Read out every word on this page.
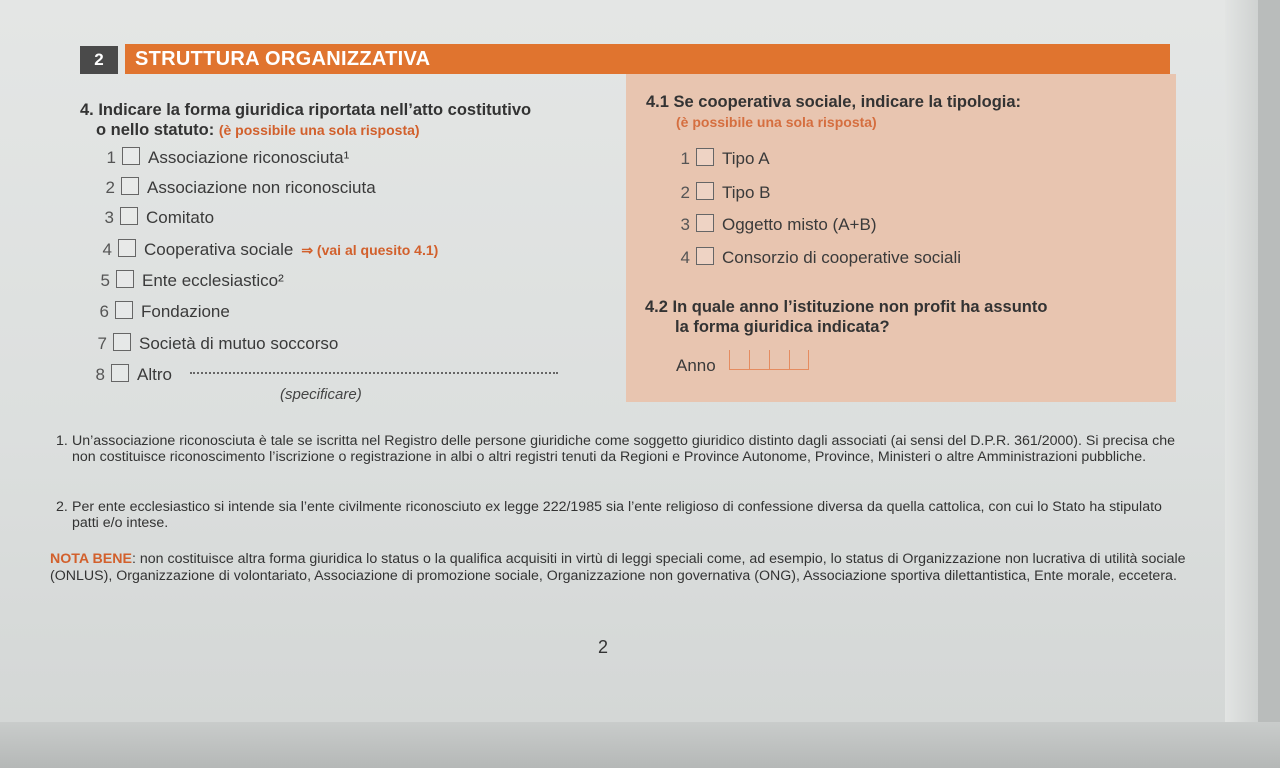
2	STRUTTURA ORGANIZZATIVA
4. Indicare la forma giuridica riportata nell’atto costitutivo
o nello statuto: (è possibile una sola risposta)
1 Associazione riconosciuta¹
2 Associazione non riconosciuta
3 Comitato
4 Cooperativa sociale ⇒ (vai al quesito 4.1)
5 Ente ecclesiastico²
6 Fondazione
7 Società di mutuo soccorso
8 Altro
(specificare)
4.1 Se cooperativa sociale, indicare la tipologia:
(è possibile una sola risposta)
1 Tipo A
2 Tipo B
3 Oggetto misto (A+B)
4 Consorzio di cooperative sociali
4.2 In quale anno l’istituzione non profit ha assunto
la forma giuridica indicata?
Anno
1. Un’associazione riconosciuta è tale se iscritta nel Registro delle persone giuridiche come soggetto giuridico distinto dagli associati (ai sensi del D.P.R. 361/2000). Si precisa che non costituisce riconoscimento l’iscrizione o registrazione in albi o altri registri tenuti da Regioni e Province Autonome, Province, Ministeri o altre Amministrazioni pubbliche.
2. Per ente ecclesiastico si intende sia l’ente civilmente riconosciuto ex legge 222/1985 sia l’ente religioso di confessione diversa da quella cattolica, con cui lo Stato ha stipulato patti e/o intese.
NOTA BENE: non costituisce altra forma giuridica lo status o la qualifica acquisiti in virtù di leggi speciali come, ad esempio, lo status di Organizzazione non lucrativa di utilità sociale (ONLUS), Organizzazione di volontariato, Associazione di promozione sociale, Organizzazione non governativa (ONG), Associazione sportiva dilettantistica, Ente morale, eccetera.
2
